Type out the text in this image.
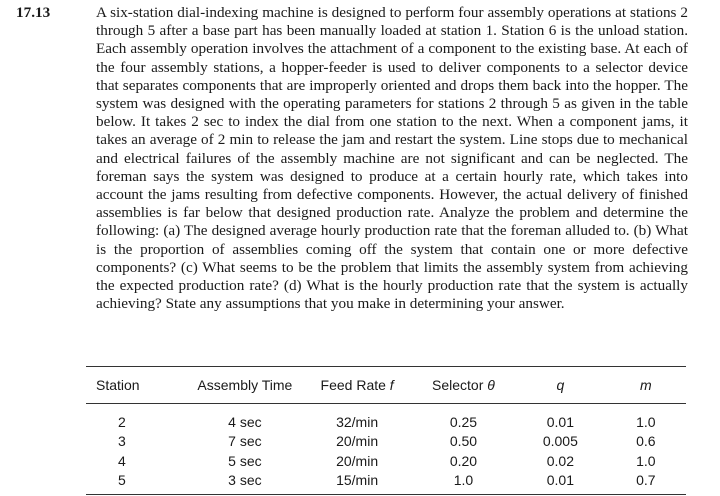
17.13	A six-station dial-indexing machine is designed to perform four assembly operations at stations 2 through 5 after a base part has been manually loaded at station 1. Station 6 is the unload station. Each assembly operation involves the attachment of a component to the existing base. At each of the four assembly stations, a hopper-feeder is used to deliver components to a selector device that separates components that are improperly oriented and drops them back into the hopper. The system was designed with the operating parameters for stations 2 through 5 as given in the table below. It takes 2 sec to index the dial from one station to the next. When a component jams, it takes an average of 2 min to release the jam and restart the system. Line stops due to mechanical and electrical failures of the assembly machine are not significant and can be neglected. The foreman says the system was designed to produce at a certain hourly rate, which takes into account the jams resulting from defective components. However, the actual delivery of finished assemblies is far below that designed production rate. Analyze the problem and determine the following: (a) The designed average hourly production rate that the foreman alluded to. (b) What is the proportion of assemblies coming off the system that contain one or more defective components? (c) What seems to be the problem that limits the assembly system from achieving the expected production rate? (d) What is the hourly production rate that the system is actually achieving? State any assumptions that you make in determining your answer.

Station	Assembly Time	Feed Rate f	Selector θ	q	m
2	4 sec	32/min	0.25	0.01	1.0
3	7 sec	20/min	0.50	0.005	0.6
4	5 sec	20/min	0.20	0.02	1.0
5	3 sec	15/min	1.0	0.01	0.7
